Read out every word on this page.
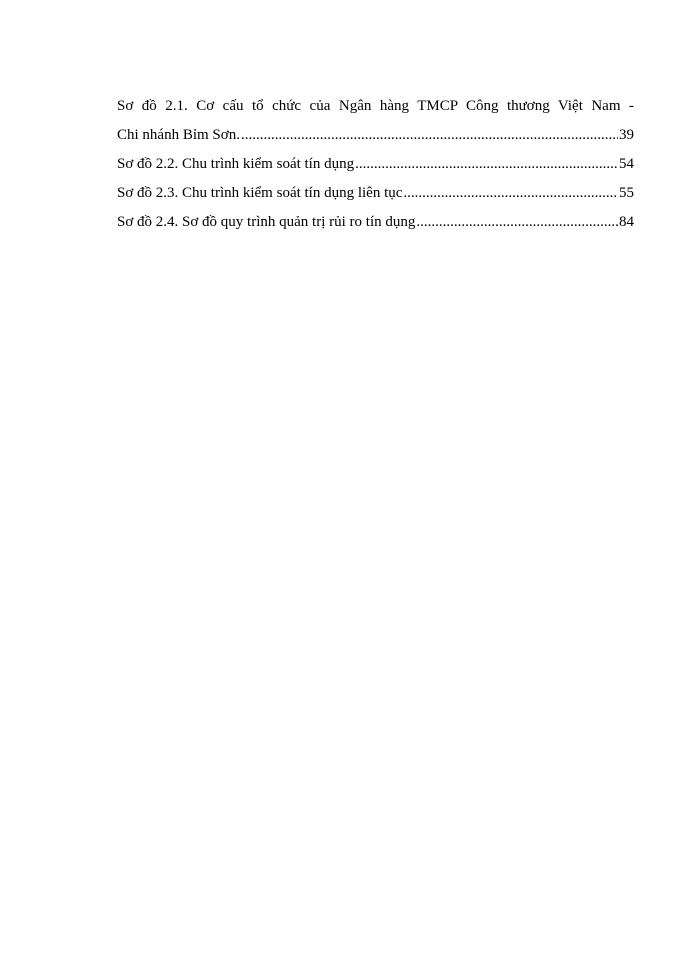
Sơ đồ 2.1. Cơ cấu tổ chức của Ngân hàng TMCP Công thương Việt Nam -
Chi nhánh Bỉm Sơn. .....	39
Sơ đồ 2.2. Chu trình kiểm soát tín dụng .....	54
Sơ đồ 2.3. Chu trình kiểm soát tín dụng liên tục .....	55
Sơ đồ 2.4. Sơ đồ quy trình quản trị rủi ro tín dụng .....	84
